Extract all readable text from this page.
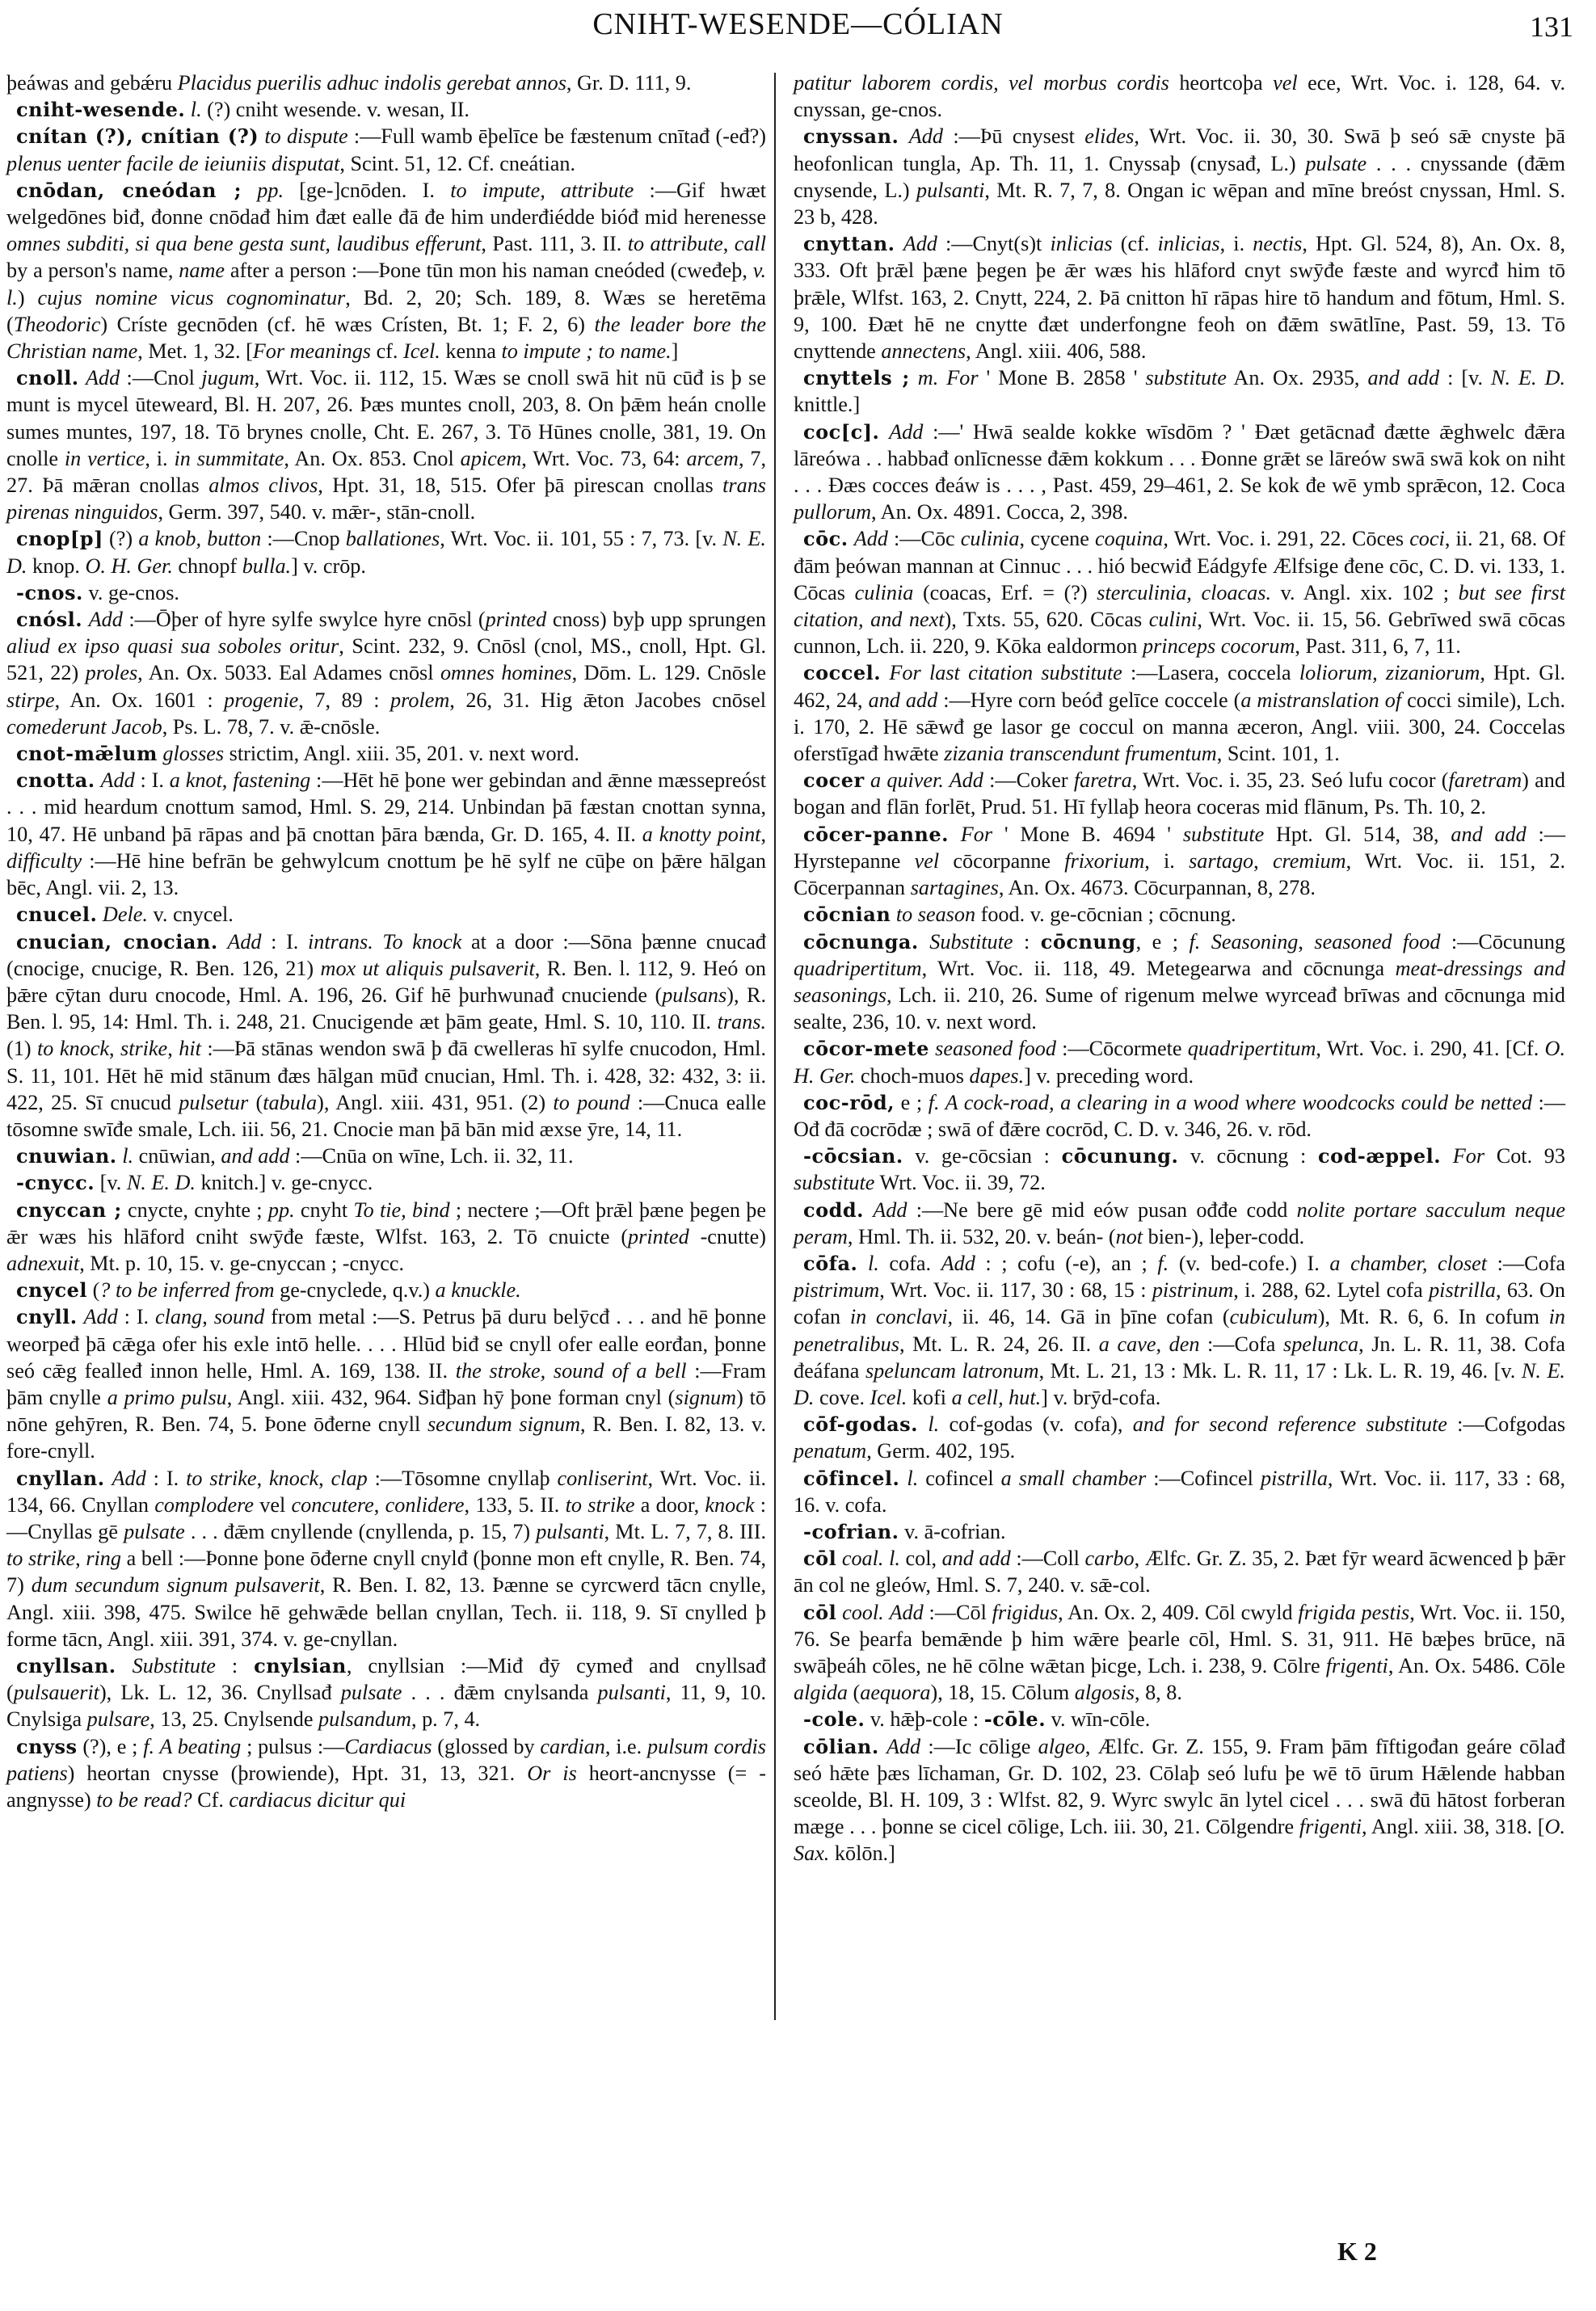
CNIHT-WESENDE—CÓLIAN	131

þeáwas and gebǽru Placidus puerilis adhuc indolis gerebat annos, Gr. D. 111, 9.

cniht-wesende. l. (?) cniht wesende. v. wesan, II.

cnítan (?), cnítian (?) to dispute :—Full wamb ēþelīce be fæstenum cnītađ (-eđ?) plenus uenter facile de ieiuniis disputat, Scint. 51, 12. Cf. cneátian.

cnōdan, cneódan ; pp. [ge-]cnōden. I. to impute, attribute :—Gif hwæt welgedōnes biđ, đonne cnōdađ him đæt ealle đā đe him underđiédde bióđ mid herenesse omnes subditi, si qua bene gesta sunt, laudibus efferunt, Past. 111, 3. II. to attribute, call by a person's name, name after a person :—Þone tūn mon his naman cneóded (cweđeþ, v. l.) cujus nomine vicus cognominatur, Bd. 2, 20; Sch. 189, 8. Wæs se heretēma (Theodoric) Críste gecnōden (cf. hē wæs Crísten, Bt. 1; F. 2, 6) the leader bore the Christian name, Met. 1, 32. [For meanings cf. Icel. kenna to impute ; to name.]

cnoll. Add :—Cnol jugum, Wrt. Voc. ii. 112, 15. Wæs se cnoll swā hit nū cūđ is þ se munt is mycel ūteweard, Bl. H. 207, 26. Þæs muntes cnoll, 203, 8. On þǣm heán cnolle sumes muntes, 197, 18. Tō brynes cnolle, Cht. E. 267, 3. Tō Hūnes cnolle, 381, 19. On cnolle in vertice, i. in summitate, An. Ox. 853. Cnol apicem, Wrt. Voc. 73, 64: arcem, 7, 27. Þā mǣran cnollas almos clivos, Hpt. 31, 18, 515. Ofer þā pirescan cnollas trans pirenas ninguidos, Germ. 397, 540. v. mǣr-, stān-cnoll.

cnop[p] (?) a knob, button :—Cnop ballationes, Wrt. Voc. ii. 101, 55 : 7, 73. [v. N. E. D. knop. O. H. Ger. chnopf bulla.] v. crōp.

-cnos. v. ge-cnos.

cnósl. Add :—Ōþer of hyre sylfe swylce hyre cnōsl (printed cnoss) byþ upp sprungen aliud ex ipso quasi sua soboles oritur, Scint. 232, 9. Cnōsl (cnol, MS., cnoll, Hpt. Gl. 521, 22) proles, An. Ox. 5033. Eal Adames cnōsl omnes homines, Dōm. L. 129. Cnōsle stirpe, An. Ox. 1601 : progenie, 7, 89 : prolem, 26, 31. Hig ǣton Jacobes cnōsel comederunt Jacob, Ps. L. 78, 7. v. ǣ-cnōsle.

cnot-mǣlum glosses strictim, Angl. xiii. 35, 201. v. next word.

cnotta. Add : I. a knot, fastening :—Hēt hē þone wer gebindan and ǣnne mæssepreóst . . . mid heardum cnottum samod, Hml. S. 29, 214. Unbindan þā fæstan cnottan synna, 10, 47. Hē unband þā rāpas and þā cnottan þāra bænda, Gr. D. 165, 4. II. a knotty point, difficulty :—Hē hine befrān be gehwylcum cnottum þe hē sylf ne cūþe on þǣre hālgan bēc, Angl. vii. 2, 13.

cnucel. Dele. v. cnycel.

cnucian, cnocian. Add : I. intrans. To knock at a door :—Sōna þænne cnucađ (cnocige, cnucige, R. Ben. 126, 21) mox ut aliquis pulsaverit, R. Ben. l. 112, 9. Heó on þǣre cȳtan duru cnocode, Hml. A. 196, 26. Gif hē þurhwunađ cnuciende (pulsans), R. Ben. l. 95, 14: Hml. Th. i. 248, 21. Cnucigende æt þām geate, Hml. S. 10, 110. II. trans. (1) to knock, strike, hit :—Þā stānas wendon swā þ đā cwelleras hī sylfe cnucodon, Hml. S. 11, 101. Hēt hē mid stānum đæs hālgan mūđ cnucian, Hml. Th. i. 428, 32: 432, 3: ii. 422, 25. Sī cnucud pulsetur (tabula), Angl. xiii. 431, 951. (2) to pound :—Cnuca ealle tōsomne swīđe smale, Lch. iii. 56, 21. Cnocie man þā bān mid æxse ȳre, 14, 11.

cnuwian. l. cnūwian, and add :—Cnūa on wīne, Lch. ii. 32, 11.

-cnycc. [v. N. E. D. knitch.] v. ge-cnycc.

cnyccan ; cnycte, cnyhte ; pp. cnyht To tie, bind ; nectere ;—Oft þrǣl þæne þegen þe ǣr wæs his hlāford cniht swȳđe fæste, Wlfst. 163, 2. Tō cnuicte (printed -cnutte) adnexuit, Mt. p. 10, 15. v. ge-cnyccan ; -cnycc.

cnycel (? to be inferred from ge-cnyclede, q.v.) a knuckle.

cnyll. Add : I. clang, sound from metal :—S. Petrus þā duru belȳcđ . . . and hē þonne weorpeđ þā cǣga ofer his exle intō helle. . . . Hlūd biđ se cnyll ofer ealle eorđan, þonne seó cǣg fealleđ innon helle, Hml. A. 169, 138. II. the stroke, sound of a bell :—Fram þām cnylle a primo pulsu, Angl. xiii. 432, 964. Siđþan hȳ þone forman cnyl (signum) tō nōne gehȳren, R. Ben. 74, 5. Þone ōđerne cnyll secundum signum, R. Ben. I. 82, 13. v. fore-cnyll.

cnyllan. Add : I. to strike, knock, clap :—Tōsomne cnyllaþ conliserint, Wrt. Voc. ii. 134, 66. Cnyllan complodere vel concutere, conlidere, 133, 5. II. to strike a door, knock :—Cnyllas gē pulsate . . . đǣm cnyllende (cnyllenda, p. 15, 7) pulsanti, Mt. L. 7, 7, 8. III. to strike, ring a bell :—Þonne þone ōđerne cnyll cnylđ (þonne mon eft cnylle, R. Ben. 74, 7) dum secundum signum pulsaverit, R. Ben. I. 82, 13. Þænne se cyrcwerd tācn cnylle, Angl. xiii. 398, 475. Swilce hē gehwǣde bellan cnyllan, Tech. ii. 118, 9. Sī cnylled þ forme tācn, Angl. xiii. 391, 374. v. ge-cnyllan.

cnyllsan. Substitute : cnylsian, cnyllsian :—Miđ đȳ cymeđ and cnyllsađ (pulsauerit), Lk. L. 12, 36. Cnyllsađ pulsate . . . đǣm cnylsanda pulsanti, 11, 9, 10. Cnylsiga pulsare, 13, 25. Cnylsende pulsandum, p. 7, 4.

cnyss (?), e ; f. A beating ; pulsus :—Cardiacus (glossed by cardian, i.e. pulsum cordis patiens) heortan cnysse (þrowiende), Hpt. 31, 13, 321. Or is heort-ancnysse (= -angnysse) to be read? Cf. cardiacus dicitur qui

patitur laborem cordis, vel morbus cordis heortcoþa vel ece, Wrt. Voc. i. 128, 64. v. cnyssan, ge-cnos.

cnyssan. Add :—Þū cnysest elides, Wrt. Voc. ii. 30, 30. Swā þ seó sǣ cnyste þā heofonlican tungla, Ap. Th. 11, 1. Cnyssaþ (cnysađ, L.) pulsate . . . cnyssande (đǣm cnysende, L.) pulsanti, Mt. R. 7, 7, 8. Ongan ic wēpan and mīne breóst cnyssan, Hml. S. 23 b, 428.

cnyttan. Add :—Cnyt(s)t inlicias (cf. inlicias, i. nectis, Hpt. Gl. 524, 8), An. Ox. 8, 333. Oft þrǣl þæne þegen þe ǣr wæs his hlāford cnyt swȳđe fæste and wyrcđ him tō þrǣle, Wlfst. 163, 2. Cnytt, 224, 2. Þā cnitton hī rāpas hire tō handum and fōtum, Hml. S. 9, 100. Đæt hē ne cnytte đæt underfongne feoh on đǣm swātlīne, Past. 59, 13. Tō cnyttende annectens, Angl. xiii. 406, 588.

cnyttels ; m. For ' Mone B. 2858 ' substitute An. Ox. 2935, and add : [v. N. E. D. knittle.]

coc[c]. Add :—' Hwā sealde kokke wīsdōm ? ' Đæt getācnađ đætte ǣghwelc đǣra lāreówa . . habbađ onlīcnesse đǣm kokkum . . . Đonne grǣt se lāreów swā swā kok on niht . . . Đæs cocces đeáw is . . . , Past. 459, 29–461, 2. Se kok đe wē ymb sprǣcon, 12. Coca pullorum, An. Ox. 4891. Cocca, 2, 398.

cōc. Add :—Cōc culinia, cycene coquina, Wrt. Voc. i. 291, 22. Cōces coci, ii. 21, 68. Of đām þeówan mannan at Cinnuc . . . hió becwiđ Eádgyfe Ælfsige đene cōc, C. D. vi. 133, 1. Cōcas culinia (coacas, Erf. = (?) sterculinia, cloacas. v. Angl. xix. 102 ; but see first citation, and next), Txts. 55, 620. Cōcas culini, Wrt. Voc. ii. 15, 56. Gebrīwed swā cōcas cunnon, Lch. ii. 220, 9. Kōka ealdormon princeps cocorum, Past. 311, 6, 7, 11.

coccel. For last citation substitute :—Lasera, coccela loliorum, zizaniorum, Hpt. Gl. 462, 24, and add :—Hyre corn beóđ gelīce coccele (a mistranslation of cocci simile), Lch. i. 170, 2. Hē sǣwđ ge lasor ge coccul on manna æceron, Angl. viii. 300, 24. Coccelas oferstīgađ hwǣte zizania transcendunt frumentum, Scint. 101, 1.

cocer a quiver. Add :—Coker faretra, Wrt. Voc. i. 35, 23. Seó lufu cocor (faretram) and bogan and flān forlēt, Prud. 51. Hī fyllaþ heora coceras mid flānum, Ps. Th. 10, 2.

cōcer-panne. For ' Mone B. 4694 ' substitute Hpt. Gl. 514, 38, and add :—Hyrstepanne vel cōcorpanne frixorium, i. sartago, cremium, Wrt. Voc. ii. 151, 2. Cōcerpannan sartagines, An. Ox. 4673. Cōcurpannan, 8, 278.

cōcnian to season food. v. ge-cōcnian ; cōcnung.

cōcnunga. Substitute : cōcnung, e ; f. Seasoning, seasoned food :—Cōcunung quadripertitum, Wrt. Voc. ii. 118, 49. Metegearwa and cōcnunga meat-dressings and seasonings, Lch. ii. 210, 26. Sume of rigenum melwe wyrceađ brīwas and cōcnunga mid sealte, 236, 10. v. next word.

cōcor-mete seasoned food :—Cōcormete quadripertitum, Wrt. Voc. i. 290, 41. [Cf. O. H. Ger. choch-muos dapes.] v. preceding word.

coc-rōd, e ; f. A cock-road, a clearing in a wood where woodcocks could be netted :—Ođ đā cocrōdæ ; swā of đǣre cocrōd, C. D. v. 346, 26. v. rōd.

-cōcsian. v. ge-cōcsian : cōcunung. v. cōcnung : cod-æppel. For Cot. 93 substitute Wrt. Voc. ii. 39, 72.

codd. Add :—Ne bere gē mid eów pusan ođđe codd nolite portare sacculum neque peram, Hml. Th. ii. 532, 20. v. beán- (not bien-), leþer-codd.

cōfa. l. cofa. Add : ; cofu (-e), an ; f. (v. bed-cofe.) I. a chamber, closet :—Cofa pistrimum, Wrt. Voc. ii. 117, 30 : 68, 15 : pistrinum, i. 288, 62. Lytel cofa pistrilla, 63. On cofan in conclavi, ii. 46, 14. Gā in þīne cofan (cubiculum), Mt. R. 6, 6. In cofum in penetralibus, Mt. L. R. 24, 26. II. a cave, den :—Cofa spelunca, Jn. L. R. 11, 38. Cofa đeáfana speluncam latronum, Mt. L. 21, 13 : Mk. L. R. 11, 17 : Lk. L. R. 19, 46. [v. N. E. D. cove. Icel. kofi a cell, hut.] v. brȳd-cofa.

cōf-godas. l. cof-godas (v. cofa), and for second reference substitute :—Cofgodas penatum, Germ. 402, 195.

cōfincel. l. cofincel a small chamber :—Cofincel pistrilla, Wrt. Voc. ii. 117, 33 : 68, 16. v. cofa.

-cofrian. v. ā-cofrian.

cōl coal. l. col, and add :—Coll carbo, Ælfc. Gr. Z. 35, 2. Þæt fȳr weard ācwenced þ þǣr ān col ne gleów, Hml. S. 7, 240. v. sǣ-col.

cōl cool. Add :—Cōl frigidus, An. Ox. 2, 409. Cōl cwyld frigida pestis, Wrt. Voc. ii. 150, 76. Se þearfa bemǣnde þ him wǣre þearle cōl, Hml. S. 31, 911. Hē bæþes brūce, nā swāþeáh cōles, ne hē cōlne wǣtan þicge, Lch. i. 238, 9. Cōlre frigenti, An. Ox. 5486. Cōle algida (aequora), 18, 15. Cōlum algosis, 8, 8.

-cole. v. hǣþ-cole : -cōle. v. wīn-cōle.

cōlian. Add :—Ic cōlige algeo, Ælfc. Gr. Z. 155, 9. Fram þām fīftigođan geáre cōlađ seó hǣte þæs līchaman, Gr. D. 102, 23. Cōlaþ seó lufu þe wē tō ūrum Hǣlende habban sceolde, Bl. H. 109, 3 : Wlfst. 82, 9. Wyrc swylc ān lytel cicel . . . swā đū hātost forberan mæge . . . þonne se cicel cōlige, Lch. iii. 30, 21. Cōlgendre frigenti, Angl. xiii. 38, 318. [O. Sax. kōlōn.]

K 2
